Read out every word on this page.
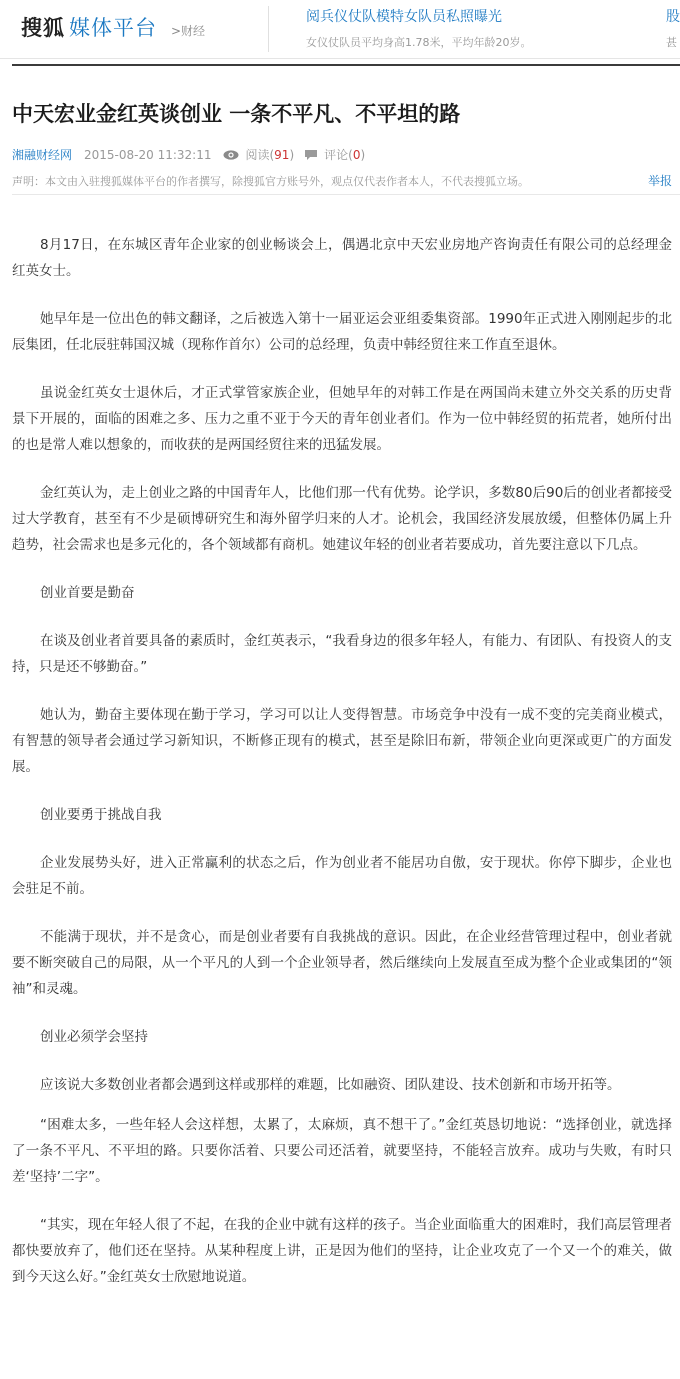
搜狐 媒体平台 >财经
阅兵仪仗队模特女队员私照曝光
女仪仗队员平均身高1.78米，平均年龄20岁。
股
甚
中天宏业金红英谈创业 一条不平凡、不平坦的路
湘融财经网 2015-08-20 11:32:11	阅读 ( 91 )	评论 ( 0 )
声明：本文由入驻搜狐媒体平台的作者撰写，除搜狐官方账号外，观点仅代表作者本人，不代表搜狐立场。	举报

8月17日，在东城区青年企业家的创业畅谈会上，偶遇北京中天宏业房地产咨询责任有限公司的总经理金红英女士。

她早年是一位出色的韩文翻译，之后被选入第十一届亚运会亚组委集资部。1990年正式进入刚刚起步的北辰集团，任北辰驻韩国汉城（现称作首尔）公司的总经理，负责中韩经贸往来工作直至退休。

虽说金红英女士退休后，才正式掌管家族企业，但她早年的对韩工作是在两国尚未建立外交关系的历史背景下开展的，面临的困难之多、压力之重不亚于今天的青年创业者们。作为一位中韩经贸的拓荒者，她所付出的也是常人难以想象的，而收获的是两国经贸往来的迅猛发展。

金红英认为，走上创业之路的中国青年人，比他们那一代有优势。论学识，多数80后90后的创业者都接受过大学教育，甚至有不少是硕博研究生和海外留学归来的人才。论机会，我国经济发展放缓，但整体仍属上升趋势，社会需求也是多元化的，各个领域都有商机。她建议年轻的创业者若要成功，首先要注意以下几点。

创业首要是勤奋

在谈及创业者首要具备的素质时，金红英表示，“我看身边的很多年轻人，有能力、有团队、有投资人的支持，只是还不够勤奋。”

她认为，勤奋主要体现在勤于学习，学习可以让人变得智慧。市场竞争中没有一成不变的完美商业模式，有智慧的领导者会通过学习新知识，不断修正现有的模式，甚至是除旧布新，带领企业向更深或更广的方面发展。

创业要勇于挑战自我

企业发展势头好，进入正常赢利的状态之后，作为创业者不能居功自傲，安于现状。你停下脚步，企业也会驻足不前。

不能满于现状，并不是贪心，而是创业者要有自我挑战的意识。因此，在企业经营管理过程中，创业者就要不断突破自己的局限，从一个平凡的人到一个企业领导者，然后继续向上发展直至成为整个企业或集团的“领袖”和灵魂。

创业必须学会坚持

应该说大多数创业者都会遇到这样或那样的难题，比如融资、团队建设、技术创新和市场开拓等。

“困难太多，一些年轻人会这样想，太累了，太麻烦，真不想干了。”金红英恳切地说：“选择创业，就选择了一条不平凡、不平坦的路。只要你活着、只要公司还活着，就要坚持，不能轻言放弃。成功与失败，有时只差‘坚持’二字”。

“其实，现在年轻人很了不起，在我的企业中就有这样的孩子。当企业面临重大的困难时，我们高层管理者都快要放弃了，他们还在坚持。从某种程度上讲，正是因为他们的坚持，让企业攻克了一个又一个的难关，做到今天这么好。”金红英女士欣慰地说道。
